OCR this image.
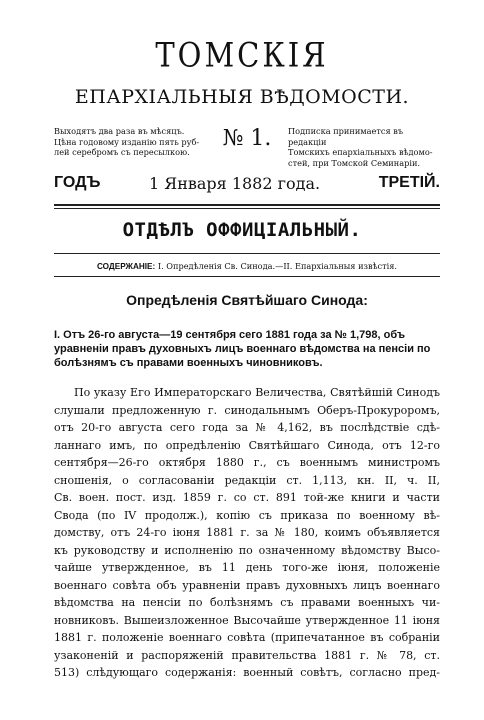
ТОМСКІЯ
ЕПАРХІАЛЬНЫЯ ВѢДОМОСТИ.
Выходятъ два раза въ мѣсяцъ.
Цѣна годовому изданію пять руб-
лей серебромъ съ пересылкою.
№ 1.	Подписка принимается въ редакціи
Томскихъ епархіальныхъ вѣдомо-
стей, при Томской Семинаріи.
ГОДЪ	1 Января 1882 года.	ТРЕТІЙ.
ОТДѢЛЪ ОФФИЦІАЛЬНЫЙ.
СОДЕРЖАНІЕ: І. Опредѣленія Св. Синода.—II. Епархіальныя извѣстія.
Опредѣленія Святѣйшаго Синода:
І. Отъ 26-го августа—19 сентября сего 1881 года за № 1,798, объ
уравненіи правъ духовныхъ лицъ военнаго вѣдомства на пенсіи по
болѣзнямъ съ правами военныхъ чиновниковъ.
По указу Его Императорскаго Величества, Святѣйшій Синодъ
слушали предложенную г. синодальнымъ Оберъ-Прокуроромъ,
отъ 20-го августа сего года за № 4,162, въ послѣдствіе сдѣ-
ланнаго имъ, по опредѣленію Святѣйшаго Синода, отъ 12-го
сентября—26-го октября 1880 г., съ военнымъ министромъ
сношенія, о согласованіи редакціи ст. 1,113, кн. II, ч. II,
Св. воен. пост. изд. 1859 г. со ст. 891 той-же книги и части
Свода (по IV продолж.), копію съ приказа по военному вѣ-
домству, отъ 24-го іюня 1881 г. за № 180, коимъ объявляется
къ руководству и исполненію по означенному вѣдомству Высо-
чайше утвержденное, въ 11 день того-же іюня, положеніе
военнаго совѣта объ уравненіи правъ духовныхъ лицъ военнаго
вѣдомства на пенсіи по болѣзнямъ съ правами военныхъ чи-
новниковъ. Вышеизложенное Высочайше утвержденное 11 іюня
1881 г. положеніе военнаго совѣта (припечатанное въ собраніи
узаконеній и распоряженій правительства 1881 г. № 78, ст.
513) слѣдующаго содержанія: военный совѣтъ, согласно пред-
